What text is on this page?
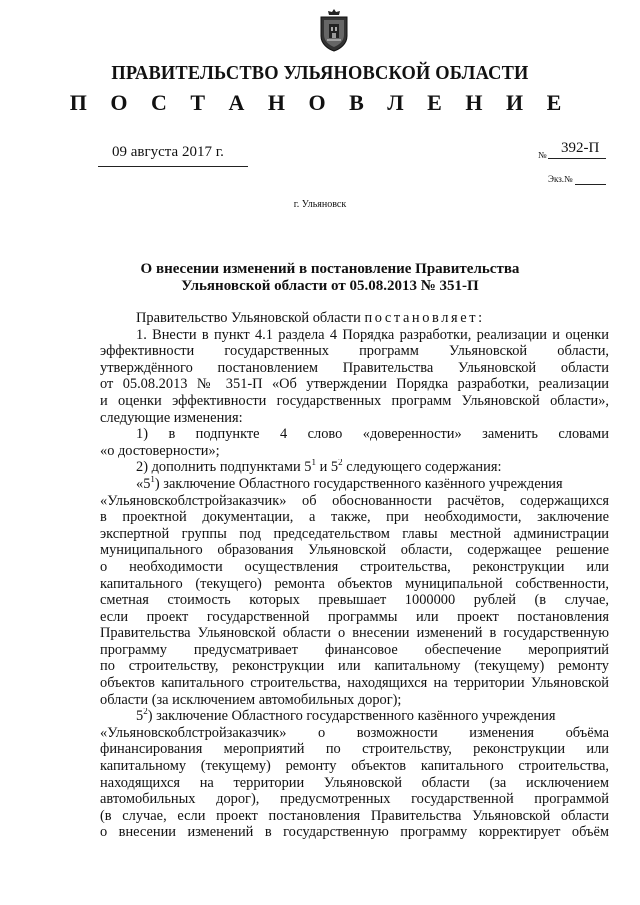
ПРАВИТЕЛЬСТВО УЛЬЯНОВСКОЙ ОБЛАСТИ
П О С Т А Н О В Л Е Н И Е
09 августа 2017 г.	№ 392-П
Экз.№
г. Ульяновск
О внесении изменений в постановление Правительства
Ульяновской области от 05.08.2013 № 351-П
Правительство Ульяновской области постановляет:
1. Внести в пункт 4.1 раздела 4 Порядка разработки, реализации и оценки
эффективности государственных программ Ульяновской области,
утверждённого постановлением Правительства Ульяновской области
от 05.08.2013 № 351-П «Об утверждении Порядка разработки, реализации
и оценки эффективности государственных программ Ульяновской области»,
следующие изменения:
1) в подпункте 4 слово «доверенности» заменить словами
«о достоверности»;
2) дополнить подпунктами $5^1$ и $5^2$ следующего содержания:
«$5^1$) заключение Областного государственного казённого учреждения
«Ульяновскоблстройзаказчик» об обоснованности расчётов, содержащихся
в проектной документации, а также, при необходимости, заключение
экспертной группы под председательством главы местной администрации
муниципального образования Ульяновской области, содержащее решение
о необходимости осуществления строительства, реконструкции или
капитального (текущего) ремонта объектов муниципальной собственности,
сметная стоимость которых превышает 1000000 рублей (в случае,
если проект государственной программы или проект постановления
Правительства Ульяновской области о внесении изменений в государственную
программу предусматривает финансовое обеспечение мероприятий
по строительству, реконструкции или капитальному (текущему) ремонту
объектов капитального строительства, находящихся на территории Ульяновской
области (за исключением автомобильных дорог);
$5^2$) заключение Областного государственного казённого учреждения
«Ульяновскоблстройзаказчик» о возможности изменения объёма
финансирования мероприятий по строительству, реконструкции или
капитальному (текущему) ремонту объектов капитального строительства,
находящихся на территории Ульяновской области (за исключением
автомобильных дорог), предусмотренных государственной программой
(в случае, если проект постановления Правительства Ульяновской области
о внесении изменений в государственную программу корректирует объём
